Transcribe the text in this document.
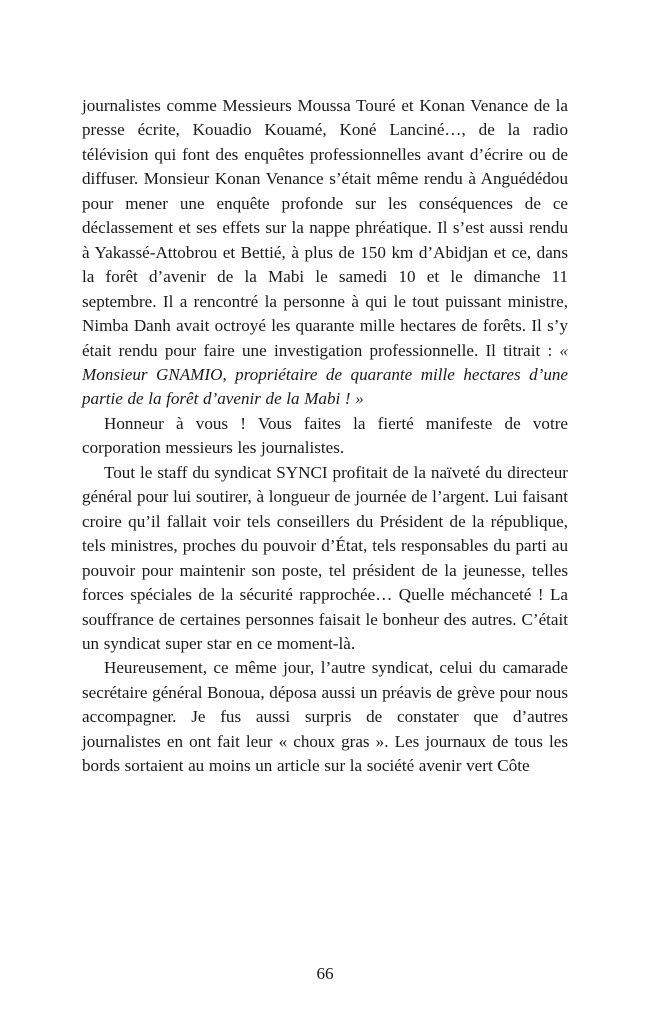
journalistes comme Messieurs Moussa Touré et Konan Venance de la presse écrite, Kouadio Kouamé, Koné Lanciné…, de la radio télévision qui font des enquêtes professionnelles avant d’écrire ou de diffuser. Monsieur Konan Venance s’était même rendu à Anguédédou pour mener une enquête profonde sur les conséquences de ce déclassement et ses effets sur la nappe phréatique. Il s’est aussi rendu à Yakassé-Attobrou et Bettié, à plus de 150 km d’Abidjan et ce, dans la forêt d’avenir de la Mabi le samedi 10 et le dimanche 11 septembre. Il a rencontré la personne à qui le tout puissant ministre, Nimba Danh avait octroyé les quarante mille hectares de forêts. Il s’y était rendu pour faire une investigation professionnelle. Il titrait : « Monsieur GNAMIO, propriétaire de quarante mille hectares d’une partie de la forêt d’avenir de la Mabi ! »

Honneur à vous ! Vous faites la fierté manifeste de votre corporation messieurs les journalistes.

Tout le staff du syndicat SYNCI profitait de la naïveté du directeur général pour lui soutirer, à longueur de journée de l’argent. Lui faisant croire qu’il fallait voir tels conseillers du Président de la république, tels ministres, proches du pouvoir d’État, tels responsables du parti au pouvoir pour maintenir son poste, tel président de la jeunesse, telles forces spéciales de la sécurité rapprochée… Quelle méchanceté ! La souffrance de certaines personnes faisait le bonheur des autres. C’était un syndicat super star en ce moment-là.

Heureusement, ce même jour, l’autre syndicat, celui du camarade secrétaire général Bonoua, déposa aussi un préavis de grève pour nous accompagner. Je fus aussi surpris de constater que d’autres journalistes en ont fait leur « choux gras ». Les journaux de tous les bords sortaient au moins un article sur la société avenir vert Côte

66
